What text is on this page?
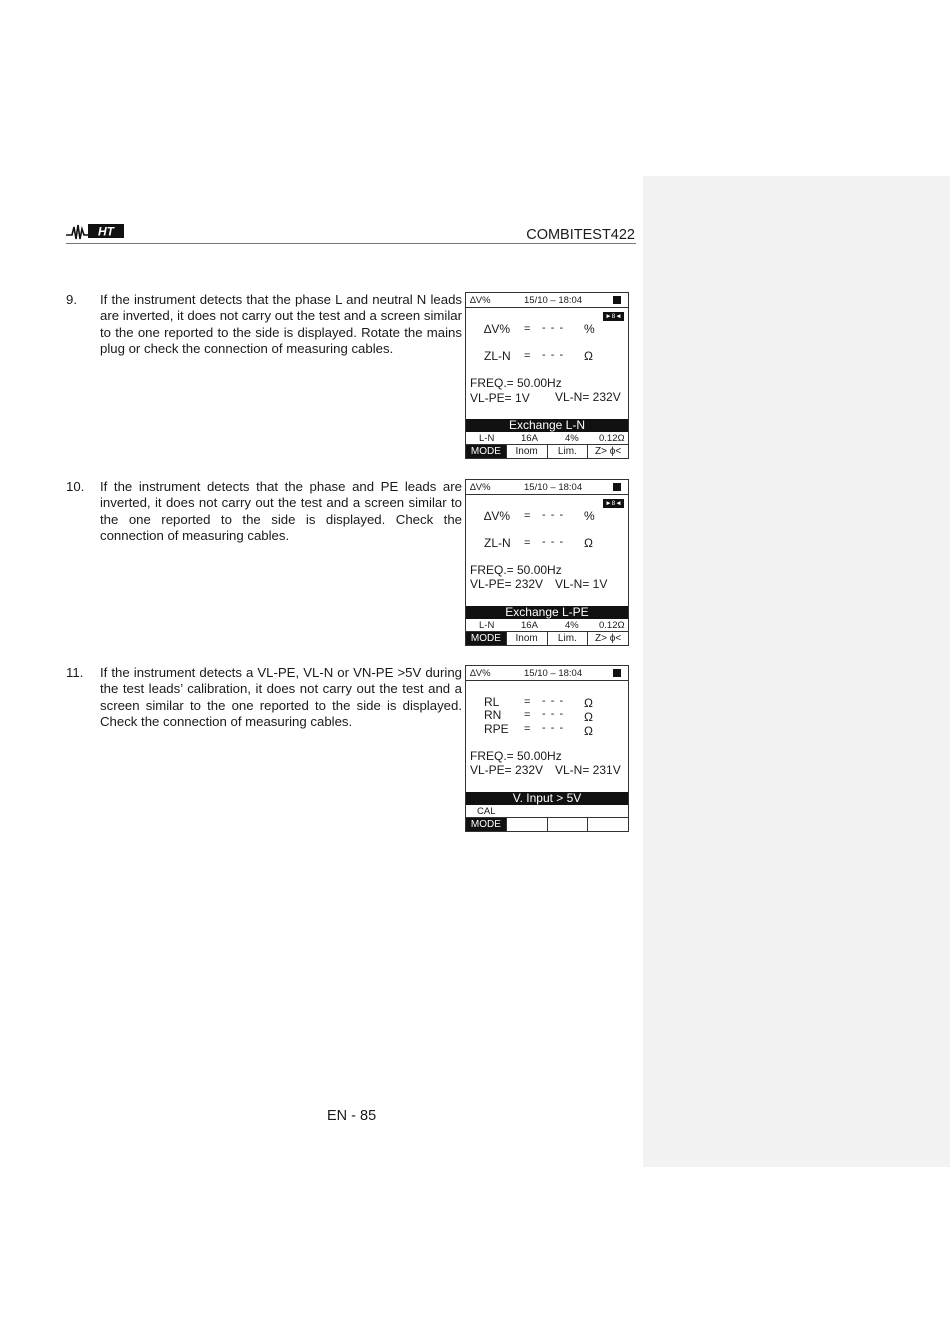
HT	COMBITEST422
9. If the instrument detects that the phase L and neutral N leads are inverted, it does not carry out the test and a screen similar to the one reported to the side is displayed. Rotate the mains plug or check the connection of measuring cables.
∆V%	15/10 – 18:04
►8◄
∆V% = - - - %
ZL-N = - - - Ω
FREQ.= 50.00Hz
VL-PE= 1V VL-N= 232V
Exchange L-N
L-N	16A	4% 0.12Ω
MODE	Inom	Lim.	Z> ϕ<
10. If the instrument detects that the phase and PE leads are inverted, it does not carry out the test and a screen similar to the one reported to the side is displayed. Check the connection of measuring cables.
∆V%	15/10 – 18:04
►8◄
∆V% = - - - %
ZL-N = - - - Ω
FREQ.= 50.00Hz
VL-PE= 232V VL-N= 1V
Exchange L-PE
L-N	16A	4% 0.12Ω
MODE	Inom	Lim.	Z> ϕ<
11. If the instrument detects a VL-PE, VL-N or VN-PE >5V during the test leads’ calibration, it does not carry out the test and a screen similar to the one reported to the side is displayed. Check the connection of measuring cables.
∆V%	15/10 – 18:04
RL = - - - Ω
RN = - - - Ω
RPE = - - - Ω
FREQ.= 50.00Hz
VL-PE= 232V VL-N= 231V
V. Input > 5V
CAL
MODE
EN - 85
